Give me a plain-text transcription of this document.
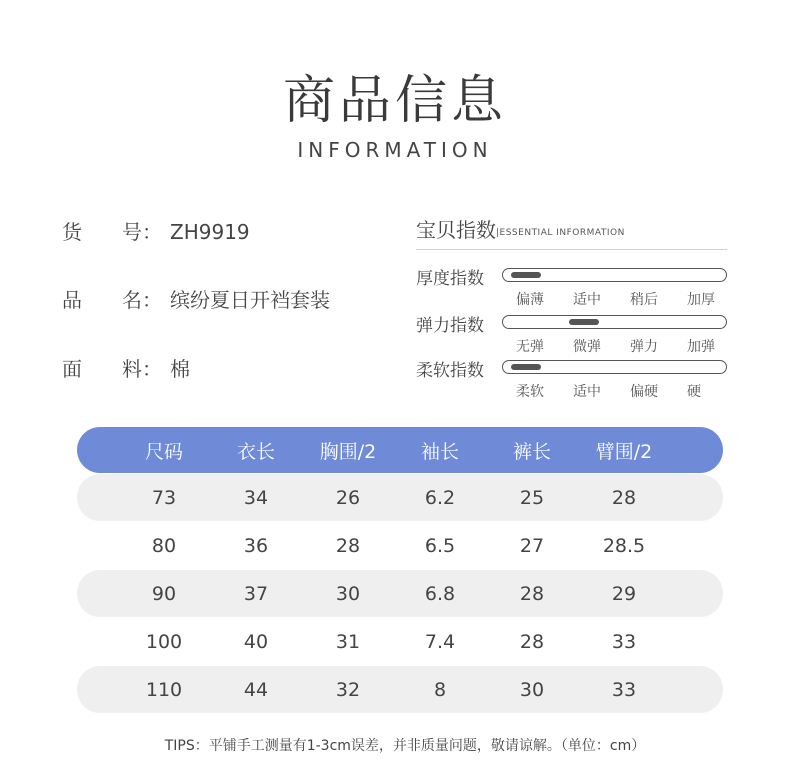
商品信息
INFORMATION
货 号： ZH9919
品 名： 缤纷夏日开裆套装
面 料： 棉
宝贝指数|ESSENTIAL INFORMATION
厚度指数
偏薄 适中 稍后 加厚
弹力指数
无弹 微弹 弹力 加弹
柔软指数
柔软 适中 偏硬 硬
尺码	衣长	胸围/2	袖长	裤长	臂围/2
73	34	26	6.2	25	28
80	36	28	6.5	27	28.5
90	37	30	6.8	28	29
100	40	31	7.4	28	33
110	44	32	8	30	33
TIPS：平铺手工测量有1-3cm误差，并非质量问题，敬请谅解。（单位：cm）
